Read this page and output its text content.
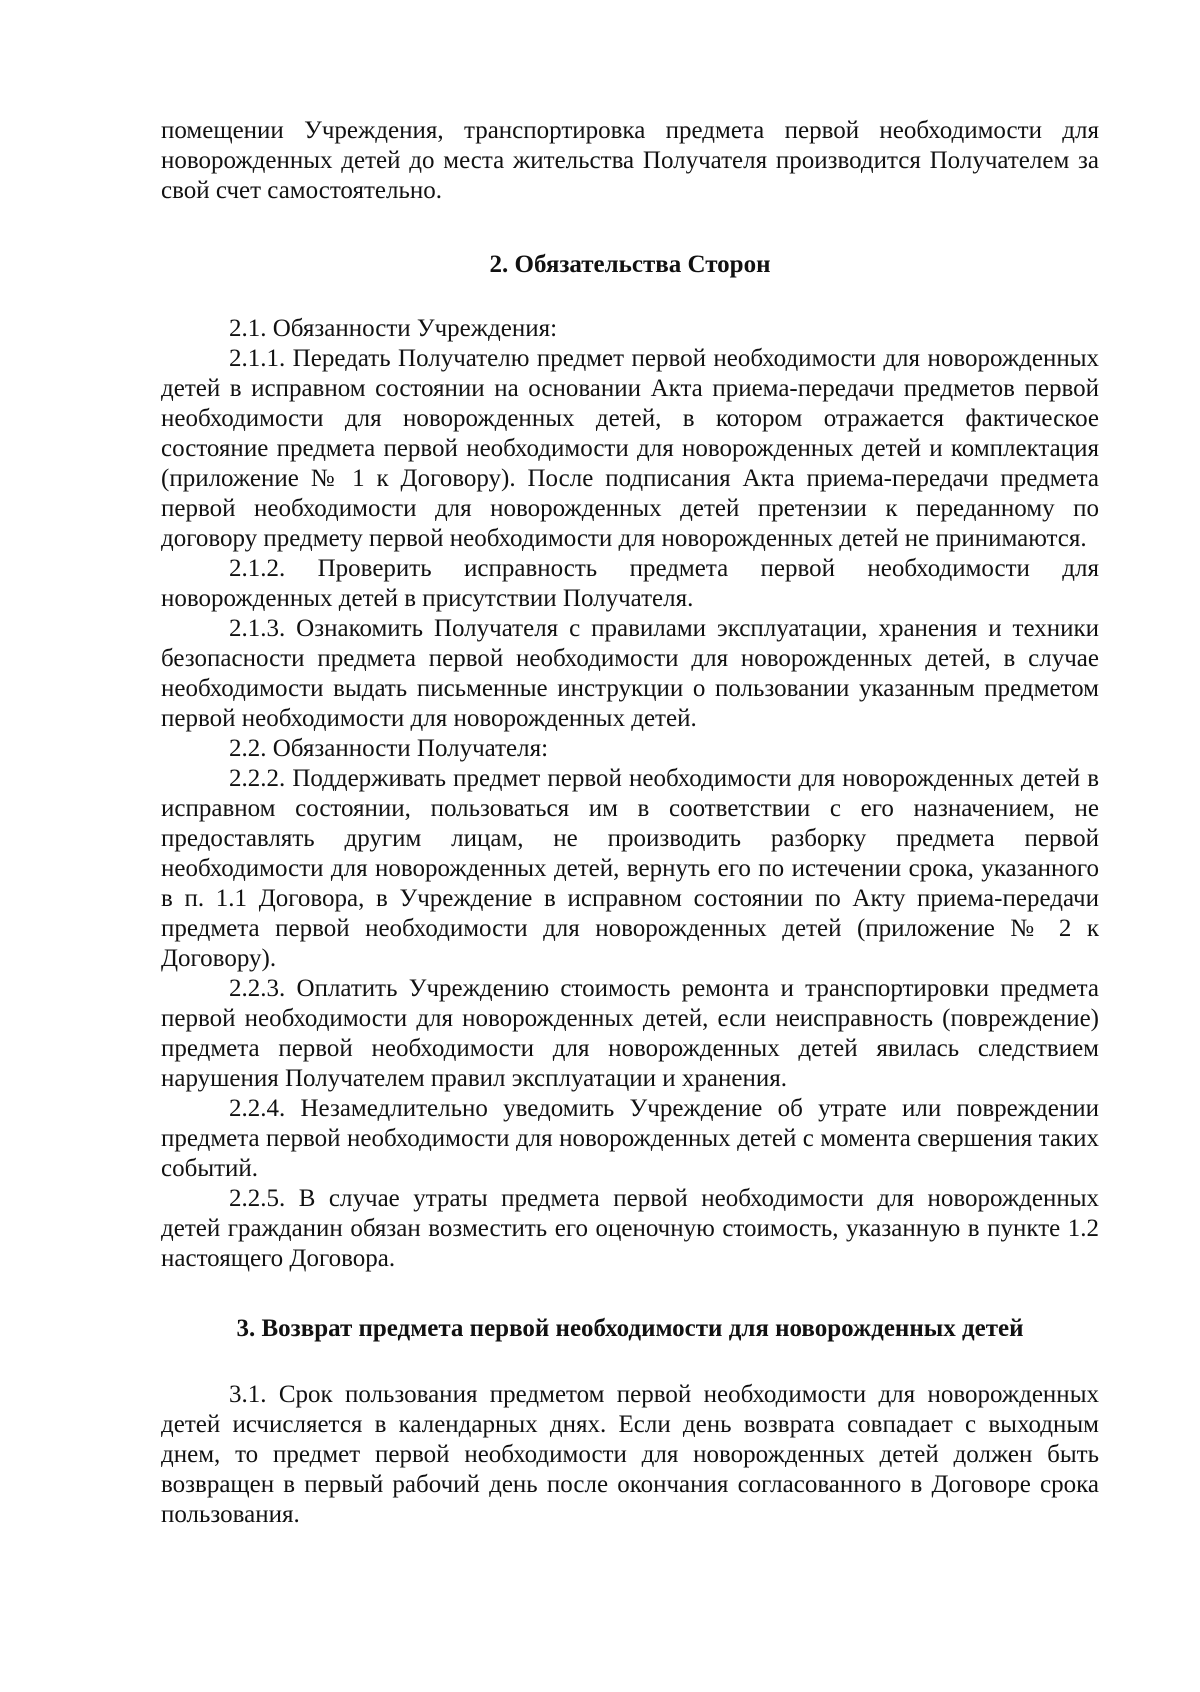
помещении Учреждения, транспортировка предмета первой необходимости для новорожденных детей до места жительства Получателя производится Получателем за свой счет самостоятельно.

2. Обязательства Сторон

2.1. Обязанности Учреждения:

2.1.1. Передать Получателю предмет первой необходимости для новорожденных детей в исправном состоянии на основании Акта приема-передачи предметов первой необходимости для новорожденных детей, в котором отражается фактическое состояние предмета первой необходимости для новорожденных детей и комплектация (приложение № 1 к Договору). После подписания Акта приема-передачи предмета первой необходимости для новорожденных детей претензии к переданному по договору предмету первой необходимости для новорожденных детей не принимаются.

2.1.2. Проверить исправность предмета первой необходимости для новорожденных детей в присутствии Получателя.

2.1.3. Ознакомить Получателя с правилами эксплуатации, хранения и техники безопасности предмета первой необходимости для новорожденных детей, в случае необходимости выдать письменные инструкции о пользовании указанным предметом первой необходимости для новорожденных детей.

2.2. Обязанности Получателя:

2.2.2. Поддерживать предмет первой необходимости для новорожденных детей в исправном состоянии, пользоваться им в соответствии с его назначением, не предоставлять другим лицам, не производить разборку предмета первой необходимости для новорожденных детей, вернуть его по истечении срока, указанного в п. 1.1 Договора, в Учреждение в исправном состоянии по Акту приема-передачи предмета первой необходимости для новорожденных детей (приложение № 2 к Договору).

2.2.3. Оплатить Учреждению стоимость ремонта и транспортировки предмета первой необходимости для новорожденных детей, если неисправность (повреждение) предмета первой необходимости для новорожденных детей явилась следствием нарушения Получателем правил эксплуатации и хранения.

2.2.4. Незамедлительно уведомить Учреждение об утрате или повреждении предмета первой необходимости для новорожденных детей с момента свершения таких событий.

2.2.5. В случае утраты предмета первой необходимости для новорожденных детей гражданин обязан возместить его оценочную стоимость, указанную в пункте 1.2 настоящего Договора.

3. Возврат предмета первой необходимости для новорожденных детей

3.1. Срок пользования предметом первой необходимости для новорожденных детей исчисляется в календарных днях. Если день возврата совпадает с выходным днем, то предмет первой необходимости для новорожденных детей должен быть возвращен в первый рабочий день после окончания согласованного в Договоре срока пользования.
